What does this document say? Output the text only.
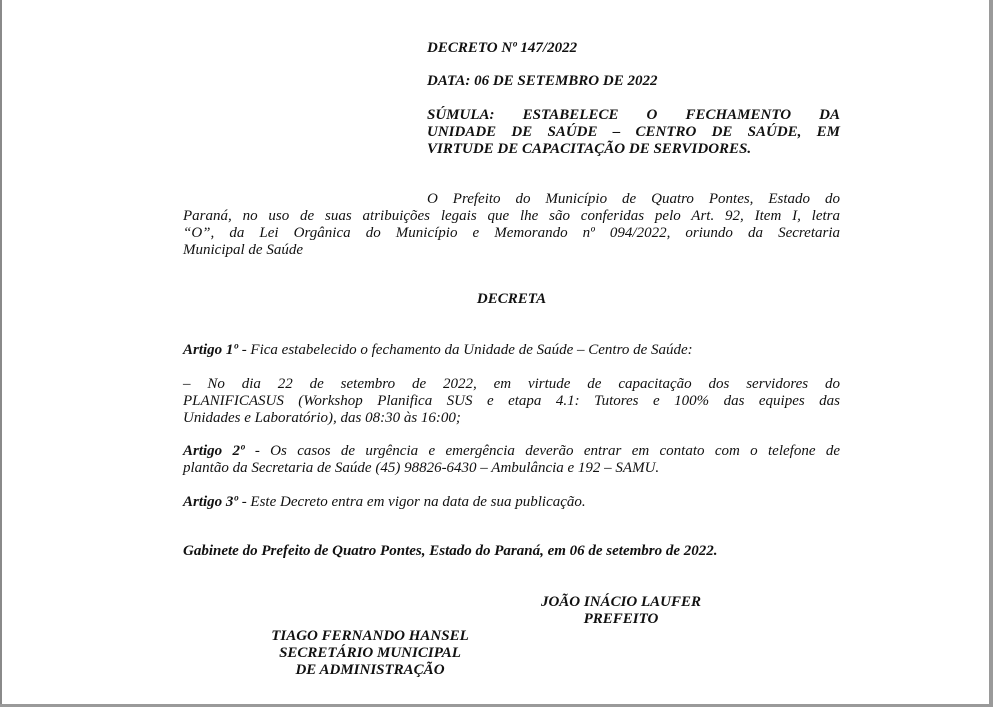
DECRETO Nº 147/2022

DATA: 06 DE SETEMBRO DE 2022

SÚMULA: ESTABELECE O FECHAMENTO DA
UNIDADE DE SAÚDE – CENTRO DE SAÚDE, EM
VIRTUDE DE CAPACITAÇÃO DE SERVIDORES.
O Prefeito do Município de Quatro Pontes, Estado do
Paraná, no uso de suas atribuições legais que lhe são conferidas pelo Art. 92, Item I, letra
“O”, da Lei Orgânica do Município e Memorando nº 094/2022, oriundo da Secretaria
Municipal de Saúde

DECRETA

Artigo 1º - Fica estabelecido o fechamento da Unidade de Saúde – Centro de Saúde:

– No dia 22 de setembro de 2022, em virtude de capacitação dos servidores do
PLANIFICASUS (Workshop Planifica SUS e etapa 4.1: Tutores e 100% das equipes das
Unidades e Laboratório), das 08:30 às 16:00;
Artigo 2º - Os casos de urgência e emergência deverão entrar em contato com o telefone de
plantão da Secretaria de Saúde (45) 98826-6430 – Ambulância e 192 – SAMU.

Artigo 3º - Este Decreto entra em vigor na data de sua publicação.

Gabinete do Prefeito de Quatro Pontes, Estado do Paraná, em 06 de setembro de 2022.

JOÃO INÁCIO LAUFER
PREFEITO
TIAGO FERNANDO HANSEL
SECRETÁRIO MUNICIPAL
DE ADMINISTRAÇÃO
